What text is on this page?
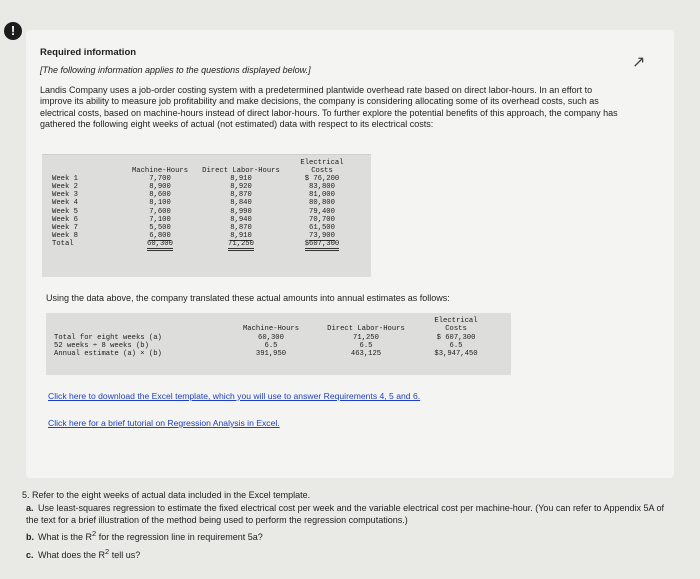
!
Required information
[The following information applies to the questions displayed below.]	↗
Landis Company uses a job-order costing system with a predetermined plantwide overhead rate based on direct labor-hours. In an effort to improve its ability to measure job profitability and make decisions, the company is considering allocating some of its overhead costs, such as electrical costs, based on machine-hours instead of direct labor-hours. To further explore the potential benefits of this approach, the company has gathered the following eight weeks of actual (not estimated) data with respect to its electrical costs:
			Electrical
	Machine-Hours	Direct Labor-Hours	Costs
Week 1	7,700	8,910	$ 76,200
Week 2	8,900	8,920	83,800
Week 3	8,600	8,870	81,000
Week 4	8,100	8,840	80,800
Week 5	7,600	8,990	79,400
Week 6	7,100	8,940	70,700
Week 7	5,500	8,870	61,500
Week 8	6,800	8,910	73,900
Total	60,300	71,250	$607,300
Using the data above, the company translated these actual amounts into annual estimates as follows:
			Electrical
	Machine-Hours	Direct Labor-Hours	Costs
Total for eight weeks (a)	60,300	71,250	$ 607,300
52 weeks ÷ 8 weeks (b)	6.5	6.5	6.5
Annual estimate (a) × (b)	391,950	463,125	$3,947,450
Click here to download the Excel template, which you will use to answer Requirements 4, 5 and 6.
Click here for a brief tutorial on Regression Analysis in Excel.
5. Refer to the eight weeks of actual data included in the Excel template.
a. Use least-squares regression to estimate the fixed electrical cost per week and the variable electrical cost per machine-hour. (You can refer to Appendix 5A of the text for a brief illustration of the method being used to perform the regression computations.)
b. What is the $R^2$ for the regression line in requirement 5a?
c. What does the $R^2$ tell us?
